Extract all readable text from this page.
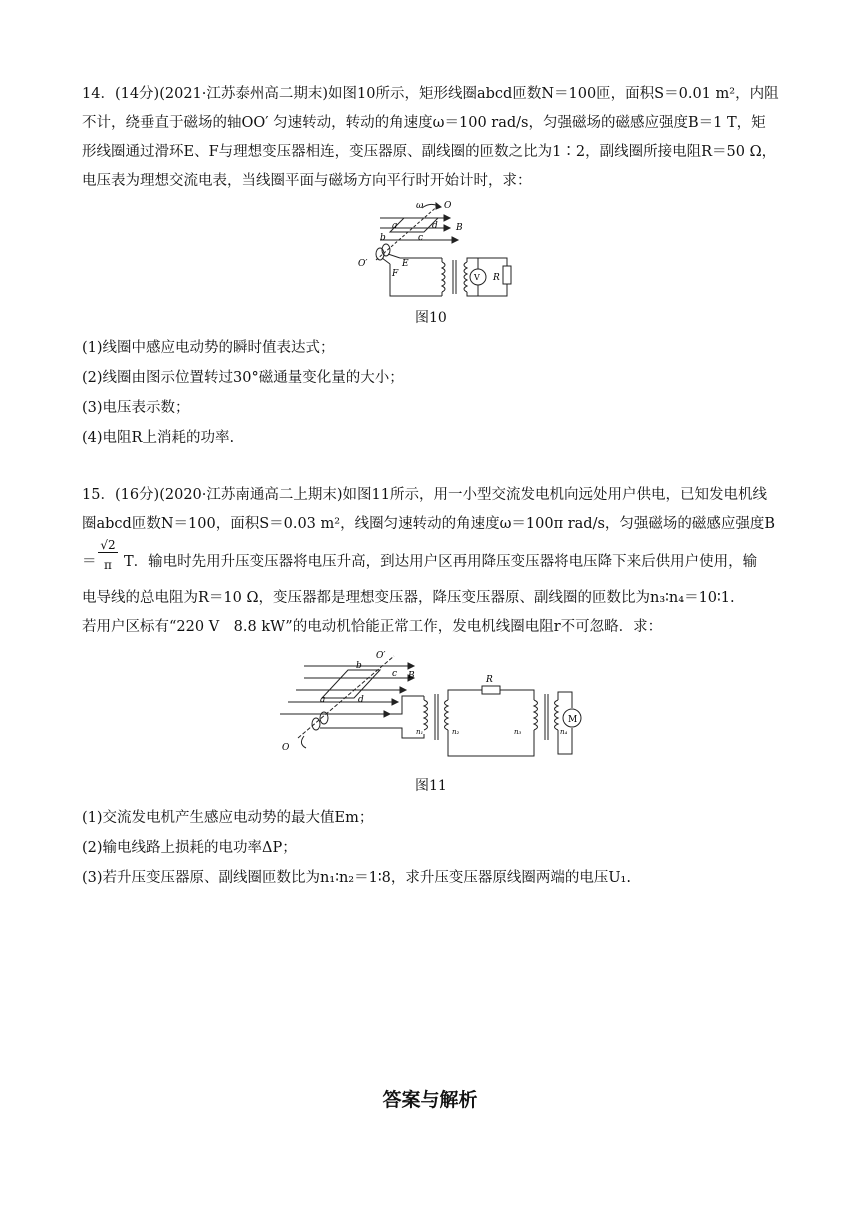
14．(14分)(2021·江苏泰州高二期末)如图10所示，矩形线圈abcd匝数N＝100匝，面积S＝0.01 m²，内阻
不计，绕垂直于磁场的轴OO′ 匀速转动，转动的角速度ω＝100 rad/s，匀强磁场的磁感应强度B＝1 T，矩
形线圈通过滑环E、F与理想变压器相连，变压器原、副线圈的匝数之比为1∶2，副线圈所接电阻R＝50 Ω，
电压表为理想交流电表，当线圈平面与磁场方向平行时开始计时，求：
ω O
a	d
b	c
B
O′	E
F	V R
图10
(1)线圈中感应电动势的瞬时值表达式；
(2)线圈由图示位置转过30°磁通量变化量的大小；
(3)电压表示数；
(4)电阻R上消耗的功率.
15．(16分)(2020·江苏南通高二上期末)如图11所示，用一小型交流发电机向远处用户供电，已知发电机线
圈abcd匝数N＝100，面积S＝0.03 m²，线圈匀速转动的角速度ω＝100π rad/s，匀强磁场的磁感应强度B
＝
√2
π T．输电时先用升压变压器将电压升高，到达用户区再用降压变压器将电压降下来后供用户使用，输
电导线的总电阻为R＝10 Ω，变压器都是理想变压器，降压变压器原、副线圈的匝数比为n₃∶n₄＝10∶1.
若用户区标有“220 V　8.8 kW”的电动机恰能正常工作，发电机线圈电阻r不可忽略．求：
O′
b
c B
a	d
O
R
n₁	n₂	n₃	n₄
M
图11
(1)交流发电机产生感应电动势的最大值Em；
(2)输电线路上损耗的电功率ΔP；
(3)若升压变压器原、副线圈匝数比为n₁∶n₂＝1∶8，求升压变压器原线圈两端的电压U₁.
答案与解析
